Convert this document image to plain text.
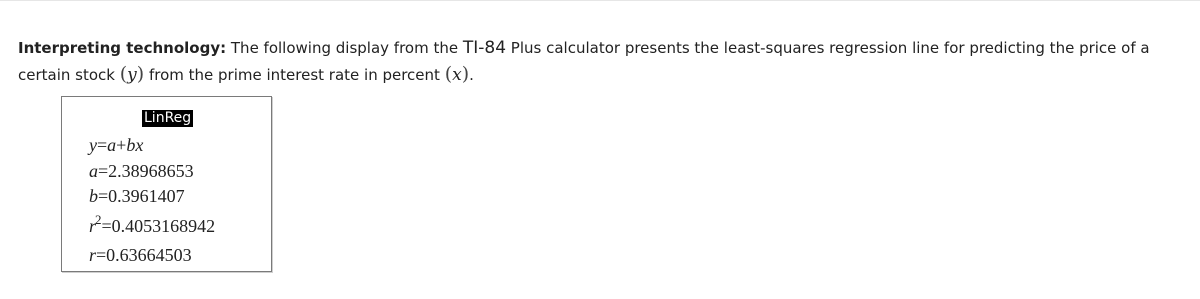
Interpreting technology: The following display from the TI-84 Plus calculator presents the least-squares regression line for predicting the price of a certain stock (y) from the prime interest rate in percent (x).
LinReg
y=a+bx
a=2.38968653
b=0.3961407
$r^2=0.4053168942$
r=0.63664503
